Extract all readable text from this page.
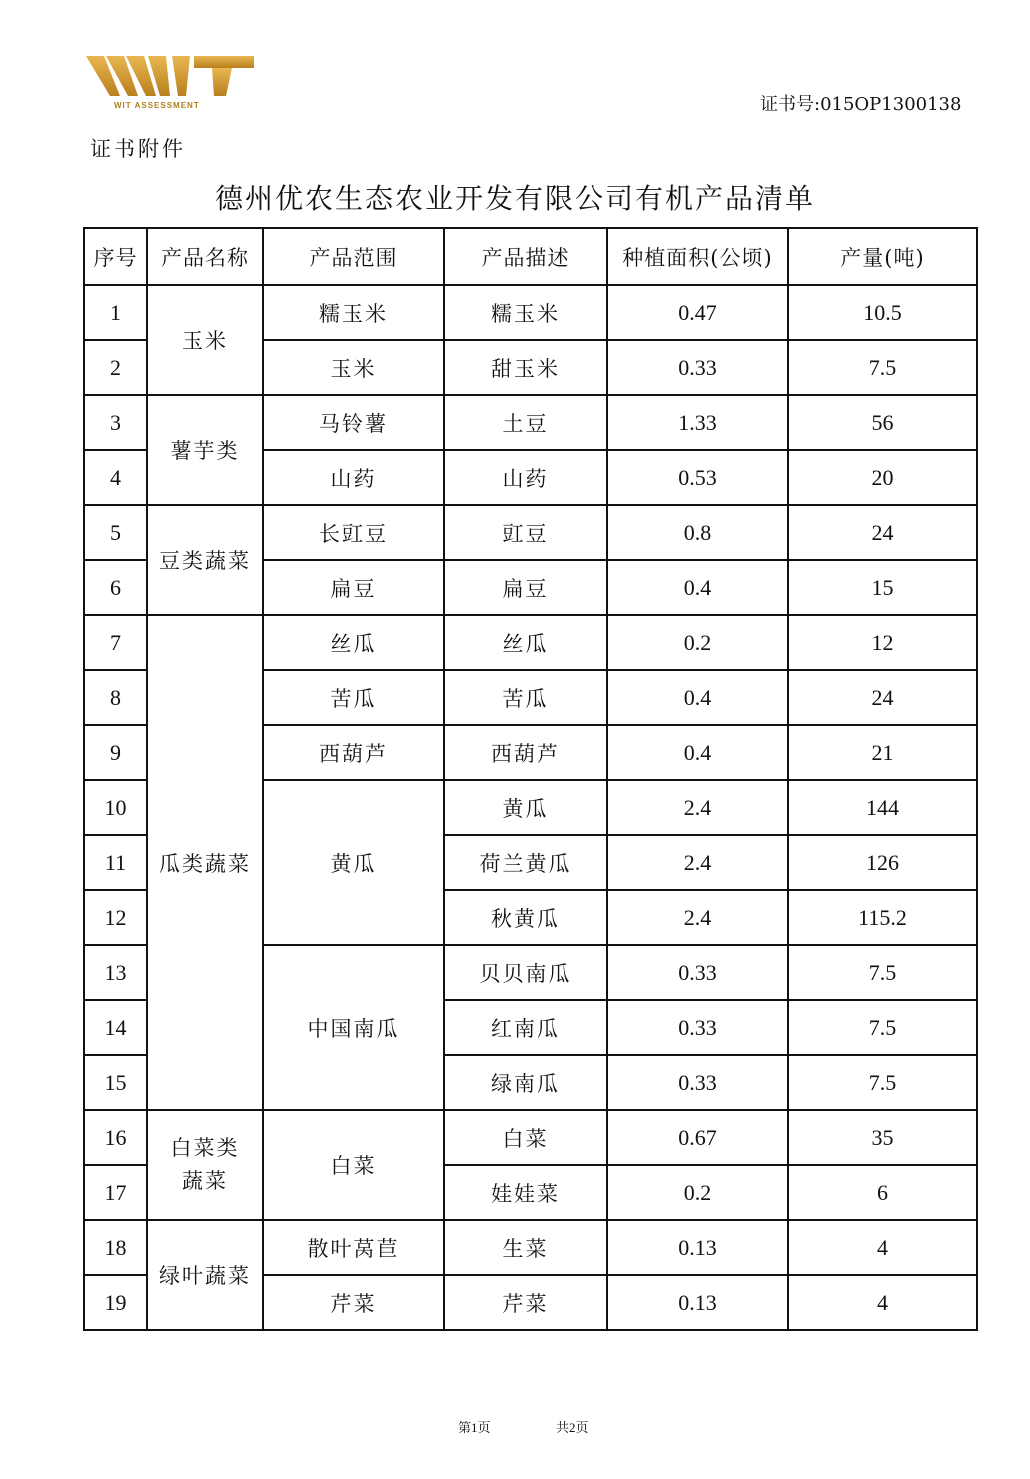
WIT ASSESSMENT	证书号:015OP1300138
证书附件
德州优农生态农业开发有限公司有机产品清单
序号	产品名称	产品范围	产品描述	种植面积(公顷)	产量(吨)
1	玉米	糯玉米	糯玉米	0.47	10.5
2		玉米	甜玉米	0.33	7.5
3	薯芋类	马铃薯	土豆	1.33	56
4		山药	山药	0.53	20
5	豆类蔬菜	长豇豆	豇豆	0.8	24
6		扁豆	扁豆	0.4	15
7	瓜类蔬菜	丝瓜	丝瓜	0.2	12
8		苦瓜	苦瓜	0.4	24
9		西葫芦	西葫芦	0.4	21
10		黄瓜	黄瓜	2.4	144
11			荷兰黄瓜	2.4	126
12			秋黄瓜	2.4	115.2
13		中国南瓜	贝贝南瓜	0.33	7.5
14			红南瓜	0.33	7.5
15			绿南瓜	0.33	7.5
16	白菜类蔬菜	白菜	白菜	0.67	35
17			娃娃菜	0.2	6
18	绿叶蔬菜	散叶莴苣	生菜	0.13	4
19		芹菜	芹菜	0.13	4
第1页	共2页
